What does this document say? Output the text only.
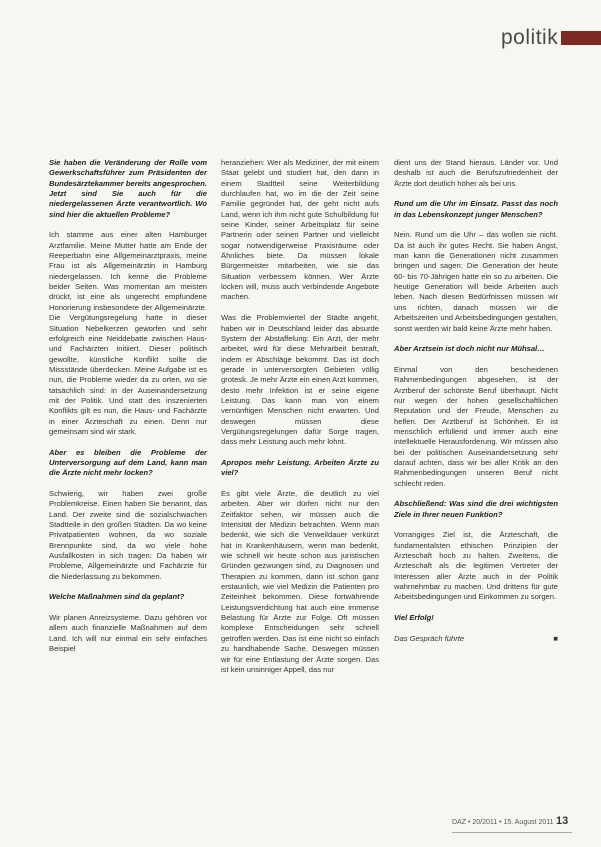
politik

Sie haben die Veränderung der Rolle vom Gewerkschaftsführer zum Präsidenten der Bundesärztekammer bereits angesprochen. Jetzt sind Sie auch für die niedergelassenen Ärzte verantwortlich. Wo sind hier die aktuellen Probleme?

Ich stamme aus einer alten Hamburger Arztfamilie. Meine Mutter hatte am Ende der Reeperbahn eine Allgemeinarztpraxis, meine Frau ist als Allgemeinärztin in Hamburg niedergelassen. Ich kenne die Probleme beider Seiten. Was momentan am meisten drückt, ist eine als ungerecht empfundene Honorierung insbesondere der Allgemeinärzte. Die Vergütungsregelung hatte in dieser Situation Nebelkerzen geworfen und sehr erfolgreich eine Neiddebatte zwischen Haus- und Fachärzten initiiert. Dieser politisch gewollte, künstliche Konflikt sollte die Missstände überdecken. Meine Aufgabe ist es nun, die Probleme wieder da zu orten, wo sie tatsächlich sind: in der Auseinandersetzung mit der Politik. Und statt des inszenierten Konflikts gilt es nun, die Haus- und Fachärzte in einer Ärzteschaft zu einen. Denn nur gemeinsam sind wir stark.

Aber es bleiben die Probleme der Unterversorgung auf dem Land, kann man die Ärzte nicht mehr locken?

Schwierig, wir haben zwei große Problemkreise. Einen haben Sie benannt, das Land. Der zweite sind die sozialschwachen Stadtteile in den großen Städten. Da wo keine Privatpatienten wohnen, da wo soziale Brennpunkte sind, da wo viele hohe Ausfallkosten in sich tragen: Da haben wir Probleme, Allgemeinärzte und Fachärzte für die Niederlassung zu bekommen.

Welche Maßnahmen sind da geplant?

Wir planen Anreizsysteme. Dazu gehören vor allem auch finanzielle Maßnahmen auf dem Land. Ich will nur einmal ein sehr einfaches Beispiel

heranziehen: Wer als Mediziner, der mit einem Staat gelebt und studiert hat, den dann in einem Stadtteil seine Weiterbildung durchlaufen hat, wo im die der Zeit seine Familie gegründet hat, der geht nicht aufs Land, wenn ich ihm nicht gute Schulbildung für seine Kinder, seiner Arbeitsplatz für seine Partnerin oder seinen Partner und vielleicht sogar notwendigerweise Praxisräume oder Ähnliches biete. Da müssen lokale Bürgermeister mitarbeiten, wie sie das Situation verbessern können. Wer Ärzte locken will, muss auch verbindende Angebote machen.

Was die Problemviertel der Städte angeht, haben wir in Deutschland leider das absurde System der Abstaffelung: Ein Arzt, der mehr arbeitet, wird für diese Mehrarbeit bestraft, indem er Abschläge bekommt. Das ist doch gerade in unterversorgten Gebieten völlig grotesk. Je mehr Ärzte ein einen Arzt kommen, desto mehr Infektion ist er seine eigene Leistung. Das kann man von einem vernünftigen Menschen nicht erwarten. Und deswegen müssen diese Vergütungsregelungen dafür Sorge tragen, dass mehr Leistung auch mehr lohnt.

Apropos mehr Leistung. Arbeiten Ärzte zu viel?

Es gibt viele Ärzte, die deutlich zu viel arbeiten. Aber wir dürfen nicht nur den Zeitfaktor sehen, wir müssen auch die Intensität der Medizin betrachten. Wenn man bedenkt, wie sich die Verweildauer verkürzt hat in Krankenhäusern, wenn man bedenkt, wie schnell wir heute schon aus juristischen Gründen gezwungen sind, zu Diagnosen und Therapien zu kommen, dann ist schon ganz erstaunlich, wie viel Medizin die Patienten pro Zeiteinheit bekommen. Diese fortwährende Leistungsverdichtung hat auch eine immense Belastung für Ärzte zur Folge. Oft müssen komplexe Entscheidungen sehr schnell getroffen werden. Das ist eine nicht so einfach zu handhabende Sache. Deswegen müssen wir für eine Entlastung der Ärzte sorgen. Das ist kein unsinniger Appell, das nur

dient uns der Stand hieraus. Länder vor. Und deshalb ist auch die Berufszufriedenheit der Ärzte dort deutlich höher als bei uns.

Rund um die Uhr im Einsatz. Passt das noch in das Lebenskonzept junger Menschen?

Nein. Rund um die Uhr – das wollen sie nicht. Da ist auch ihr gutes Recht. Sie haben Angst, man kann die Generationen nicht zusammen bringen und sagen: Die Generation der heute 60- bis 70-Jährigen hatte ein so zu arbeiten. Die heutige Generation will beide Arbeiten auch leben. Nach diesen Bedürfnissen müssen wir uns richten, danach müssen wir die Arbeitszeiten und Arbeitsbedingungen gestalten, sonst werden wir bald keine Ärzte mehr haben.

Aber Arztsein ist doch nicht nur Mühsal…

Einmal von den bescheidenen Rahmenbedingungen abgesehen, ist der Arztberuf der schönste Beruf überhaupt. Nicht nur wegen der hohen gesellschaftlichen Reputation und der Freude, Menschen zu helfen. Der Arztberuf ist Schönheit. Er ist menschlich erfüllend und immer auch eine intellektuelle Herausforderung. Wir müssen also bei der politischen Auseinandersetzung sehr darauf achten, dass wir bei aller Kritik an den Rahmenbedingungen unseren Beruf nicht schlecht reden.

Abschließend: Was sind die drei wichtigsten Ziele in Ihrer neuen Funktion?

Vorrangiges Ziel ist, die Ärzteschaft, die fundamentalsten ethischen Prinzipien der Ärzteschaft hoch zu halten. Zweitens, die Ärzteschaft als die legitimen Vertreter der Interessen aller Ärzte auch in der Politik wahrnehmbar zu machen. Und drittens für gute Arbeitsbedingungen und Einkommen zu sorgen.

Viel Erfolg!

Das Gespräch führte	■

DAZ • 20/2011 • 15. August 2011 13
